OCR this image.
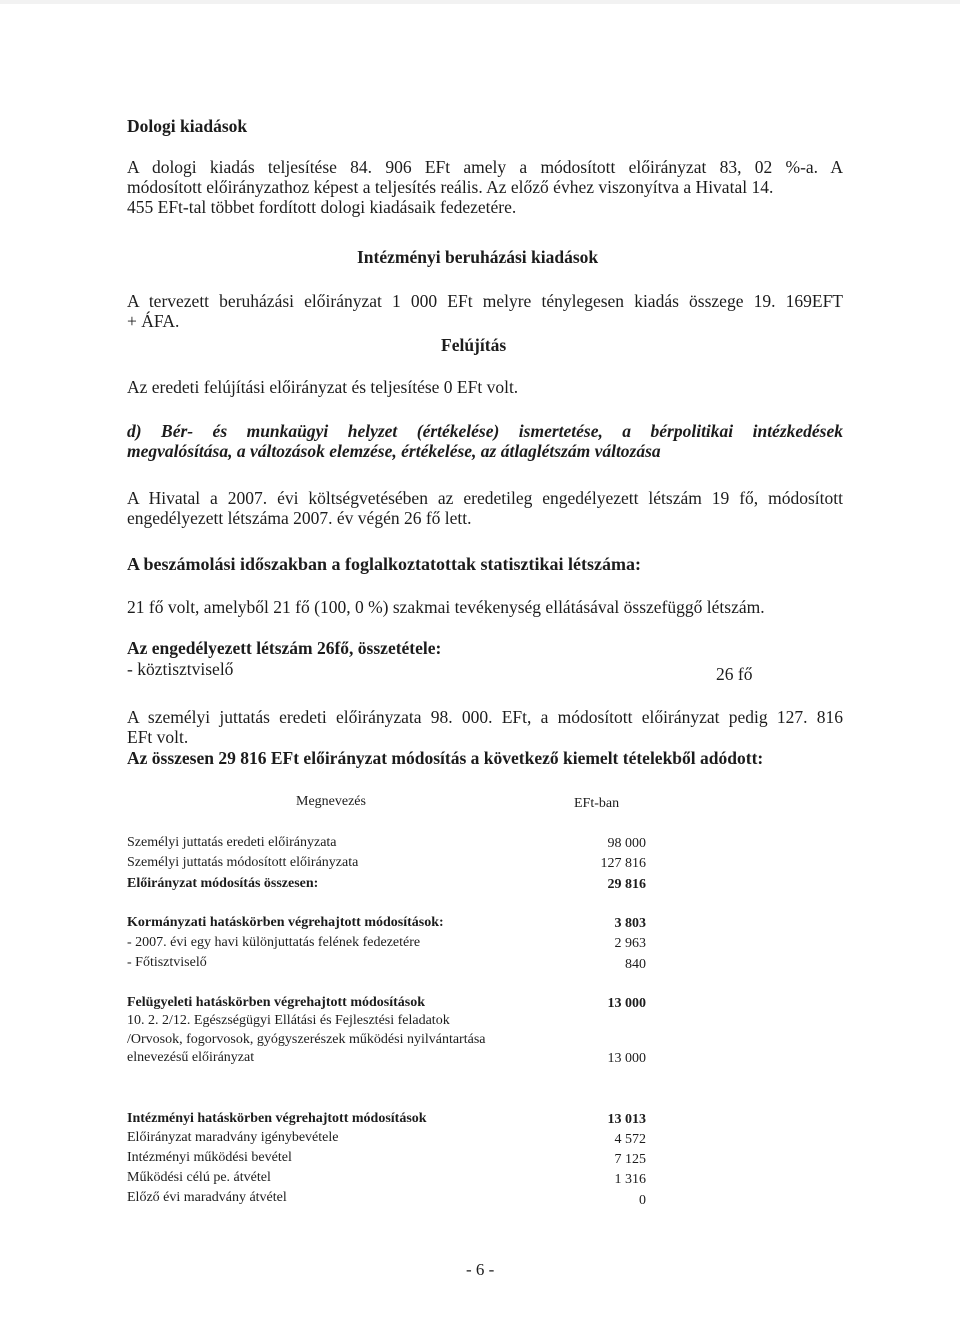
Dologi kiadások
A dologi kiadás teljesítése 84. 906 EFt amely a módosított előirányzat 83, 02 %-a. A
módosított előirányzathoz képest a teljesítés reális. Az előző évhez viszonyítva a Hivatal 14.
455 EFt-tal többet fordított dologi kiadásaik fedezetére.
Intézményi beruházási kiadások
A tervezett beruházási előirányzat 1 000 EFt melyre ténylegesen kiadás összege 19. 169EFT
+ ÁFA.
Felújítás
Az eredeti felújítási előirányzat és teljesítése 0 EFt volt.
d) Bér- és munkaügyi helyzet (értékelése) ismertetése, a bérpolitikai intézkedések
megvalósítása, a változások elemzése, értékelése, az átlaglétszám változása
A Hivatal a 2007. évi költségvetésében az eredetileg engedélyezett létszám 19 fő, módosított
engedélyezett létszáma 2007. év végén 26 fő lett.
A beszámolási időszakban a foglalkoztatottak statisztikai létszáma:
21 fő volt, amelyből 21 fő (100, 0 %) szakmai tevékenység ellátásával összefüggő létszám.
Az engedélyezett létszám 26fő, összetétele:
- köztisztviselő	26 fő
A személyi juttatás eredeti előirányzata 98. 000. EFt, a módosított előirányzat pedig 127. 816
EFt volt.
Az összesen 29 816 EFt előirányzat módosítás a következő kiemelt tételekből adódott:
Megnevezés	EFt-ban
Személyi juttatás eredeti előirányzata	98 000
Személyi juttatás módosított előirányzata	127 816
Előirányzat módosítás összesen:	29 816
Kormányzati hatáskörben végrehajtott módosítások:	3 803
- 2007. évi egy havi különjuttatás felének fedezetére	2 963
- Főtisztviselő	840
Felügyeleti hatáskörben végrehajtott módosítások	13 000
10. 2. 2/12. Egészségügyi Ellátási és Fejlesztési feladatok
/Orvosok, fogorvosok, gyógyszerészek működési nyilvántartása
elnevezésű előirányzat	13 000
Intézményi hatáskörben végrehajtott módosítások	13 013
Előirányzat maradvány igénybevétele	4 572
Intézményi működési bevétel	7 125
Működési célú pe. átvétel	1 316
Előző évi maradvány átvétel	0
- 6 -
